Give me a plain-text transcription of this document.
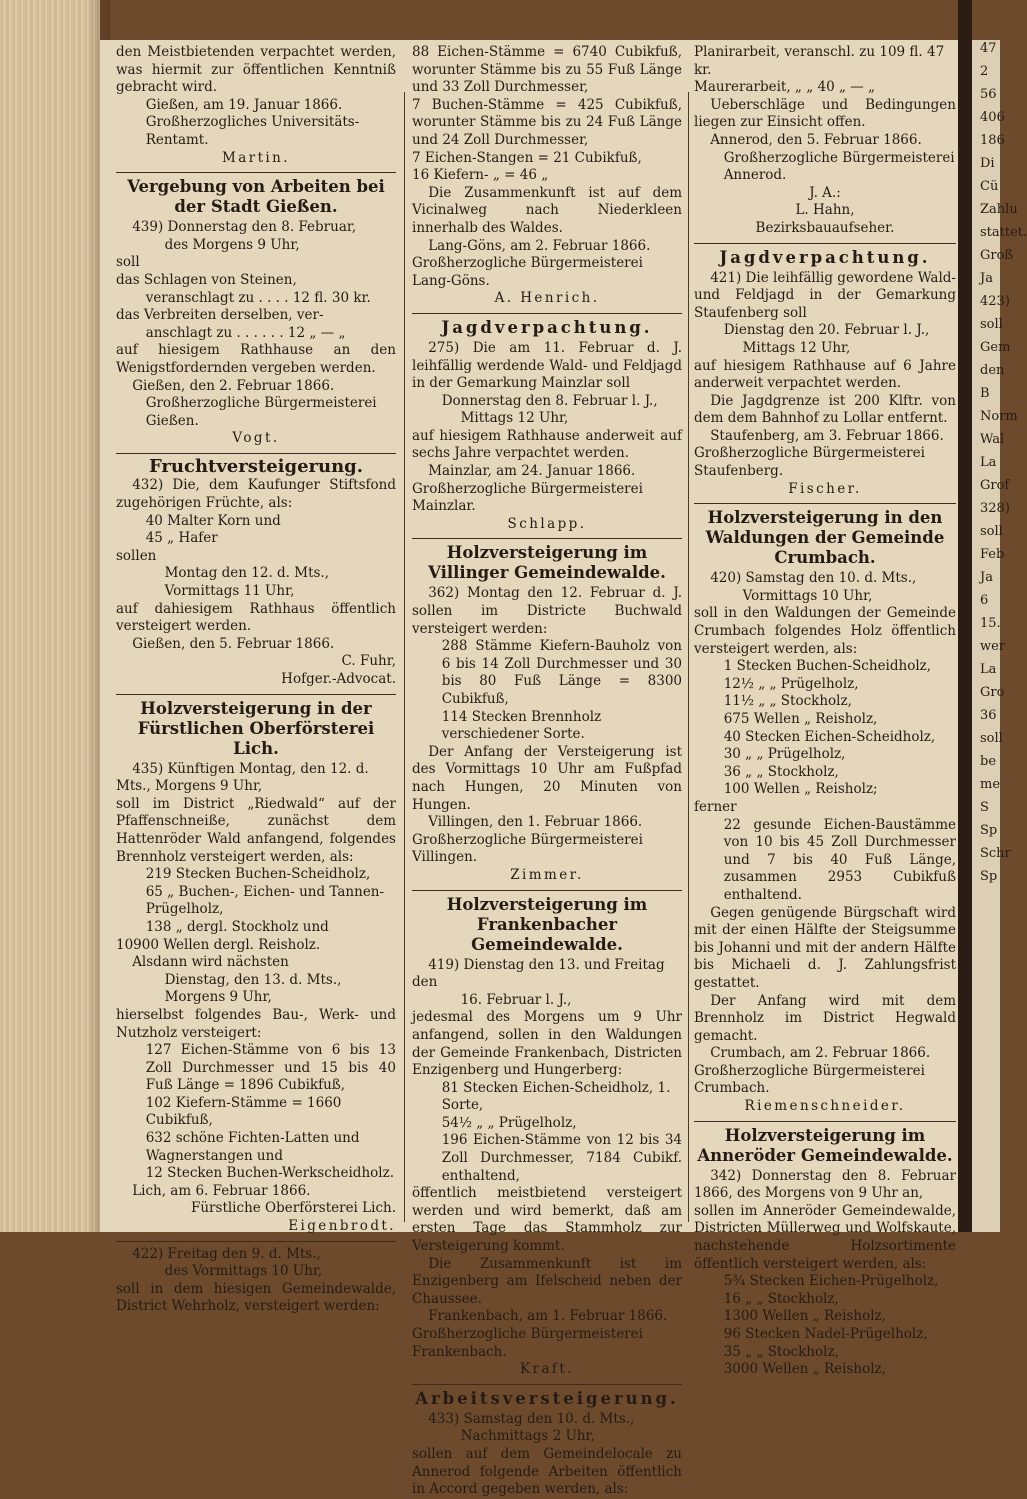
47
2
56
406
186
Di
Cü
Zahlu
stattet.
Groß
Ja
423)
soll
Gem
den
B
Norm
Wal
La
Grof
328)
soll
Feb
Ja
6
15.
wer
La
Gro
36
soll
be
me
S
Sp
Schr
Sp

den Meistbietenden verpachtet werden, was hiermit zur öffentlichen Kenntniß gebracht wird.

Gießen, am 19. Januar 1866.

Großherzogliches Universitäts-Rentamt.

Martin.

Vergebung von Arbeiten bei der Stadt Gießen.

439) Donnerstag den 8. Februar,

des Morgens 9 Uhr,

soll

das Schlagen von Steinen,

veranschlagt zu . . . . 12 fl. 30 kr.

das Verbreiten derselben, ver-

anschlagt zu . . . . . . 12 „ — „

auf hiesigem Rathhause an den Wenigstfordernden vergeben werden.

Gießen, den 2. Februar 1866.

Großherzogliche Bürgermeisterei Gießen.

Vogt.

Fruchtversteigerung.

432) Die, dem Kaufunger Stiftsfond zugehörigen Früchte, als:

40 Malter Korn und

45 „ Hafer

sollen

Montag den 12. d. Mts.,

Vormittags 11 Uhr,

auf dahiesigem Rathhaus öffentlich versteigert werden.

Gießen, den 5. Februar 1866.

C. Fuhr,

Hofger.-Advocat.

Holzversteigerung in der Fürstlichen Oberförsterei Lich.

435) Künftigen Montag, den 12. d. Mts., Morgens 9 Uhr,

soll im District „Riedwald“ auf der Pfaffenschneiße, zunächst dem Hattenröder Wald anfangend, folgendes Brennholz versteigert werden, als:

219 Stecken Buchen-Scheidholz,

65 „ Buchen-, Eichen- und Tannen-Prügelholz,

138 „ dergl. Stockholz und

10900 Wellen dergl. Reisholz.

Alsdann wird nächsten

Dienstag, den 13. d. Mts.,

Morgens 9 Uhr,

hierselbst folgendes Bau-, Werk- und Nutzholz versteigert:

127 Eichen-Stämme von 6 bis 13 Zoll Durchmesser und 15 bis 40 Fuß Länge = 1896 Cubikfuß,

102 Kiefern-Stämme = 1660 Cubikfuß,

632 schöne Fichten-Latten und Wagnerstangen und

12 Stecken Buchen-Werkscheidholz.

Lich, am 6. Februar 1866.

Fürstliche Oberförsterei Lich.

Eigenbrodt.

422) Freitag den 9. d. Mts.,

des Vormittags 10 Uhr,

soll in dem hiesigen Gemeindewalde, District Wehrholz, versteigert werden:

88 Eichen-Stämme = 6740 Cubikfuß, worunter Stämme bis zu 55 Fuß Länge und 33 Zoll Durchmesser,

7 Buchen-Stämme = 425 Cubikfuß, worunter Stämme bis zu 24 Fuß Länge und 24 Zoll Durchmesser,

7 Eichen-Stangen = 21 Cubikfuß,

16 Kiefern- „ = 46 „

Die Zusammenkunft ist auf dem Vicinalweg nach Niederkleen innerhalb des Waldes.

Lang-Göns, am 2. Februar 1866.

Großherzogliche Bürgermeisterei Lang-Göns.

A. Henrich.

Jagdverpachtung.

275) Die am 11. Februar d. J. leihfällig werdende Wald- und Feldjagd in der Gemarkung Mainzlar soll

Donnerstag den 8. Februar l. J.,

Mittags 12 Uhr,

auf hiesigem Rathhause anderweit auf sechs Jahre verpachtet werden.

Mainzlar, am 24. Januar 1866.

Großherzogliche Bürgermeisterei Mainzlar.

Schlapp.

Holzversteigerung im Villinger Gemeindewalde.

362) Montag den 12. Februar d. J. sollen im Districte Buchwald versteigert werden:

288 Stämme Kiefern-Bauholz von 6 bis 14 Zoll Durchmesser und 30 bis 80 Fuß Länge = 8300 Cubikfuß,

114 Stecken Brennholz verschiedener Sorte.

Der Anfang der Versteigerung ist des Vormittags 10 Uhr am Fußpfad nach Hungen, 20 Minuten von Hungen.

Villingen, den 1. Februar 1866.

Großherzogliche Bürgermeisterei Villingen.

Zimmer.

Holzversteigerung im Frankenbacher Gemeindewalde.

419) Dienstag den 13. und Freitag den

16. Februar l. J.,

jedesmal des Morgens um 9 Uhr anfangend, sollen in den Waldungen der Gemeinde Frankenbach, Districten Enzigenberg und Hungerberg:

81 Stecken Eichen-Scheidholz, 1. Sorte,

54½ „ „ Prügelholz,

196 Eichen-Stämme von 12 bis 34 Zoll Durchmesser, 7184 Cubikf. enthaltend,

öffentlich meistbietend versteigert werden und wird bemerkt, daß am ersten Tage das Stammholz zur Versteigerung kommt.

Die Zusammenkunft ist im Enzigenberg am Ifelscheid neben der Chaussee.

Frankenbach, am 1. Februar 1866.

Großherzogliche Bürgermeisterei Frankenbach.

Kraft.

Arbeitsversteigerung.

433) Samstag den 10. d. Mts.,

Nachmittags 2 Uhr,

sollen auf dem Gemeindelocale zu Annerod folgende Arbeiten öffentlich in Accord gegeben werden, als:

Planirarbeit, veranschl. zu 109 fl. 47 kr.

Maurerarbeit, „ „ 40 „ — „

Ueberschläge und Bedingungen liegen zur Einsicht offen.

Annerod, den 5. Februar 1866.

Großherzogliche Bürgermeisterei Annerod.

J. A.:

L. Hahn,

Bezirksbauaufseher.

Jagdverpachtung.

421) Die leihfällig gewordene Wald- und Feldjagd in der Gemarkung Staufenberg soll

Dienstag den 20. Februar l. J.,

Mittags 12 Uhr,

auf hiesigem Rathhause auf 6 Jahre anderweit verpachtet werden.

Die Jagdgrenze ist 200 Klftr. von dem dem Bahnhof zu Lollar entfernt.

Staufenberg, am 3. Februar 1866.

Großherzogliche Bürgermeisterei Staufenberg.

Fischer.

Holzversteigerung in den Waldungen der Gemeinde Crumbach.

420) Samstag den 10. d. Mts.,

Vormittags 10 Uhr,

soll in den Waldungen der Gemeinde Crumbach folgendes Holz öffentlich versteigert werden, als:

1 Stecken Buchen-Scheidholz,

12½ „ „ Prügelholz,

11½ „ „ Stockholz,

675 Wellen „ Reisholz,

40 Stecken Eichen-Scheidholz,

30 „ „ Prügelholz,

36 „ „ Stockholz,

100 Wellen „ Reisholz;

ferner

22 gesunde Eichen-Baustämme von 10 bis 45 Zoll Durchmesser und 7 bis 40 Fuß Länge, zusammen 2953 Cubikfuß enthaltend.

Gegen genügende Bürgschaft wird mit der einen Hälfte der Steigsumme bis Johanni und mit der andern Hälfte bis Michaeli d. J. Zahlungsfrist gestattet.

Der Anfang wird mit dem Brennholz im District Hegwald gemacht.

Crumbach, am 2. Februar 1866.

Großherzogliche Bürgermeisterei Crumbach.

Riemenschneider.

Holzversteigerung im Anneröder Gemeindewalde.

342) Donnerstag den 8. Februar 1866, des Morgens von 9 Uhr an,

sollen im Anneröder Gemeindewalde, Districten Müllerweg und Wolfskaute, nachstehende Holzsortimente öffentlich versteigert werden, als:

5¾ Stecken Eichen-Prügelholz,

16 „ „ Stockholz,

1300 Wellen „ Reisholz,

96 Stecken Nadel-Prügelholz,

35 „ „ Stockholz,

3000 Wellen „ Reisholz,
